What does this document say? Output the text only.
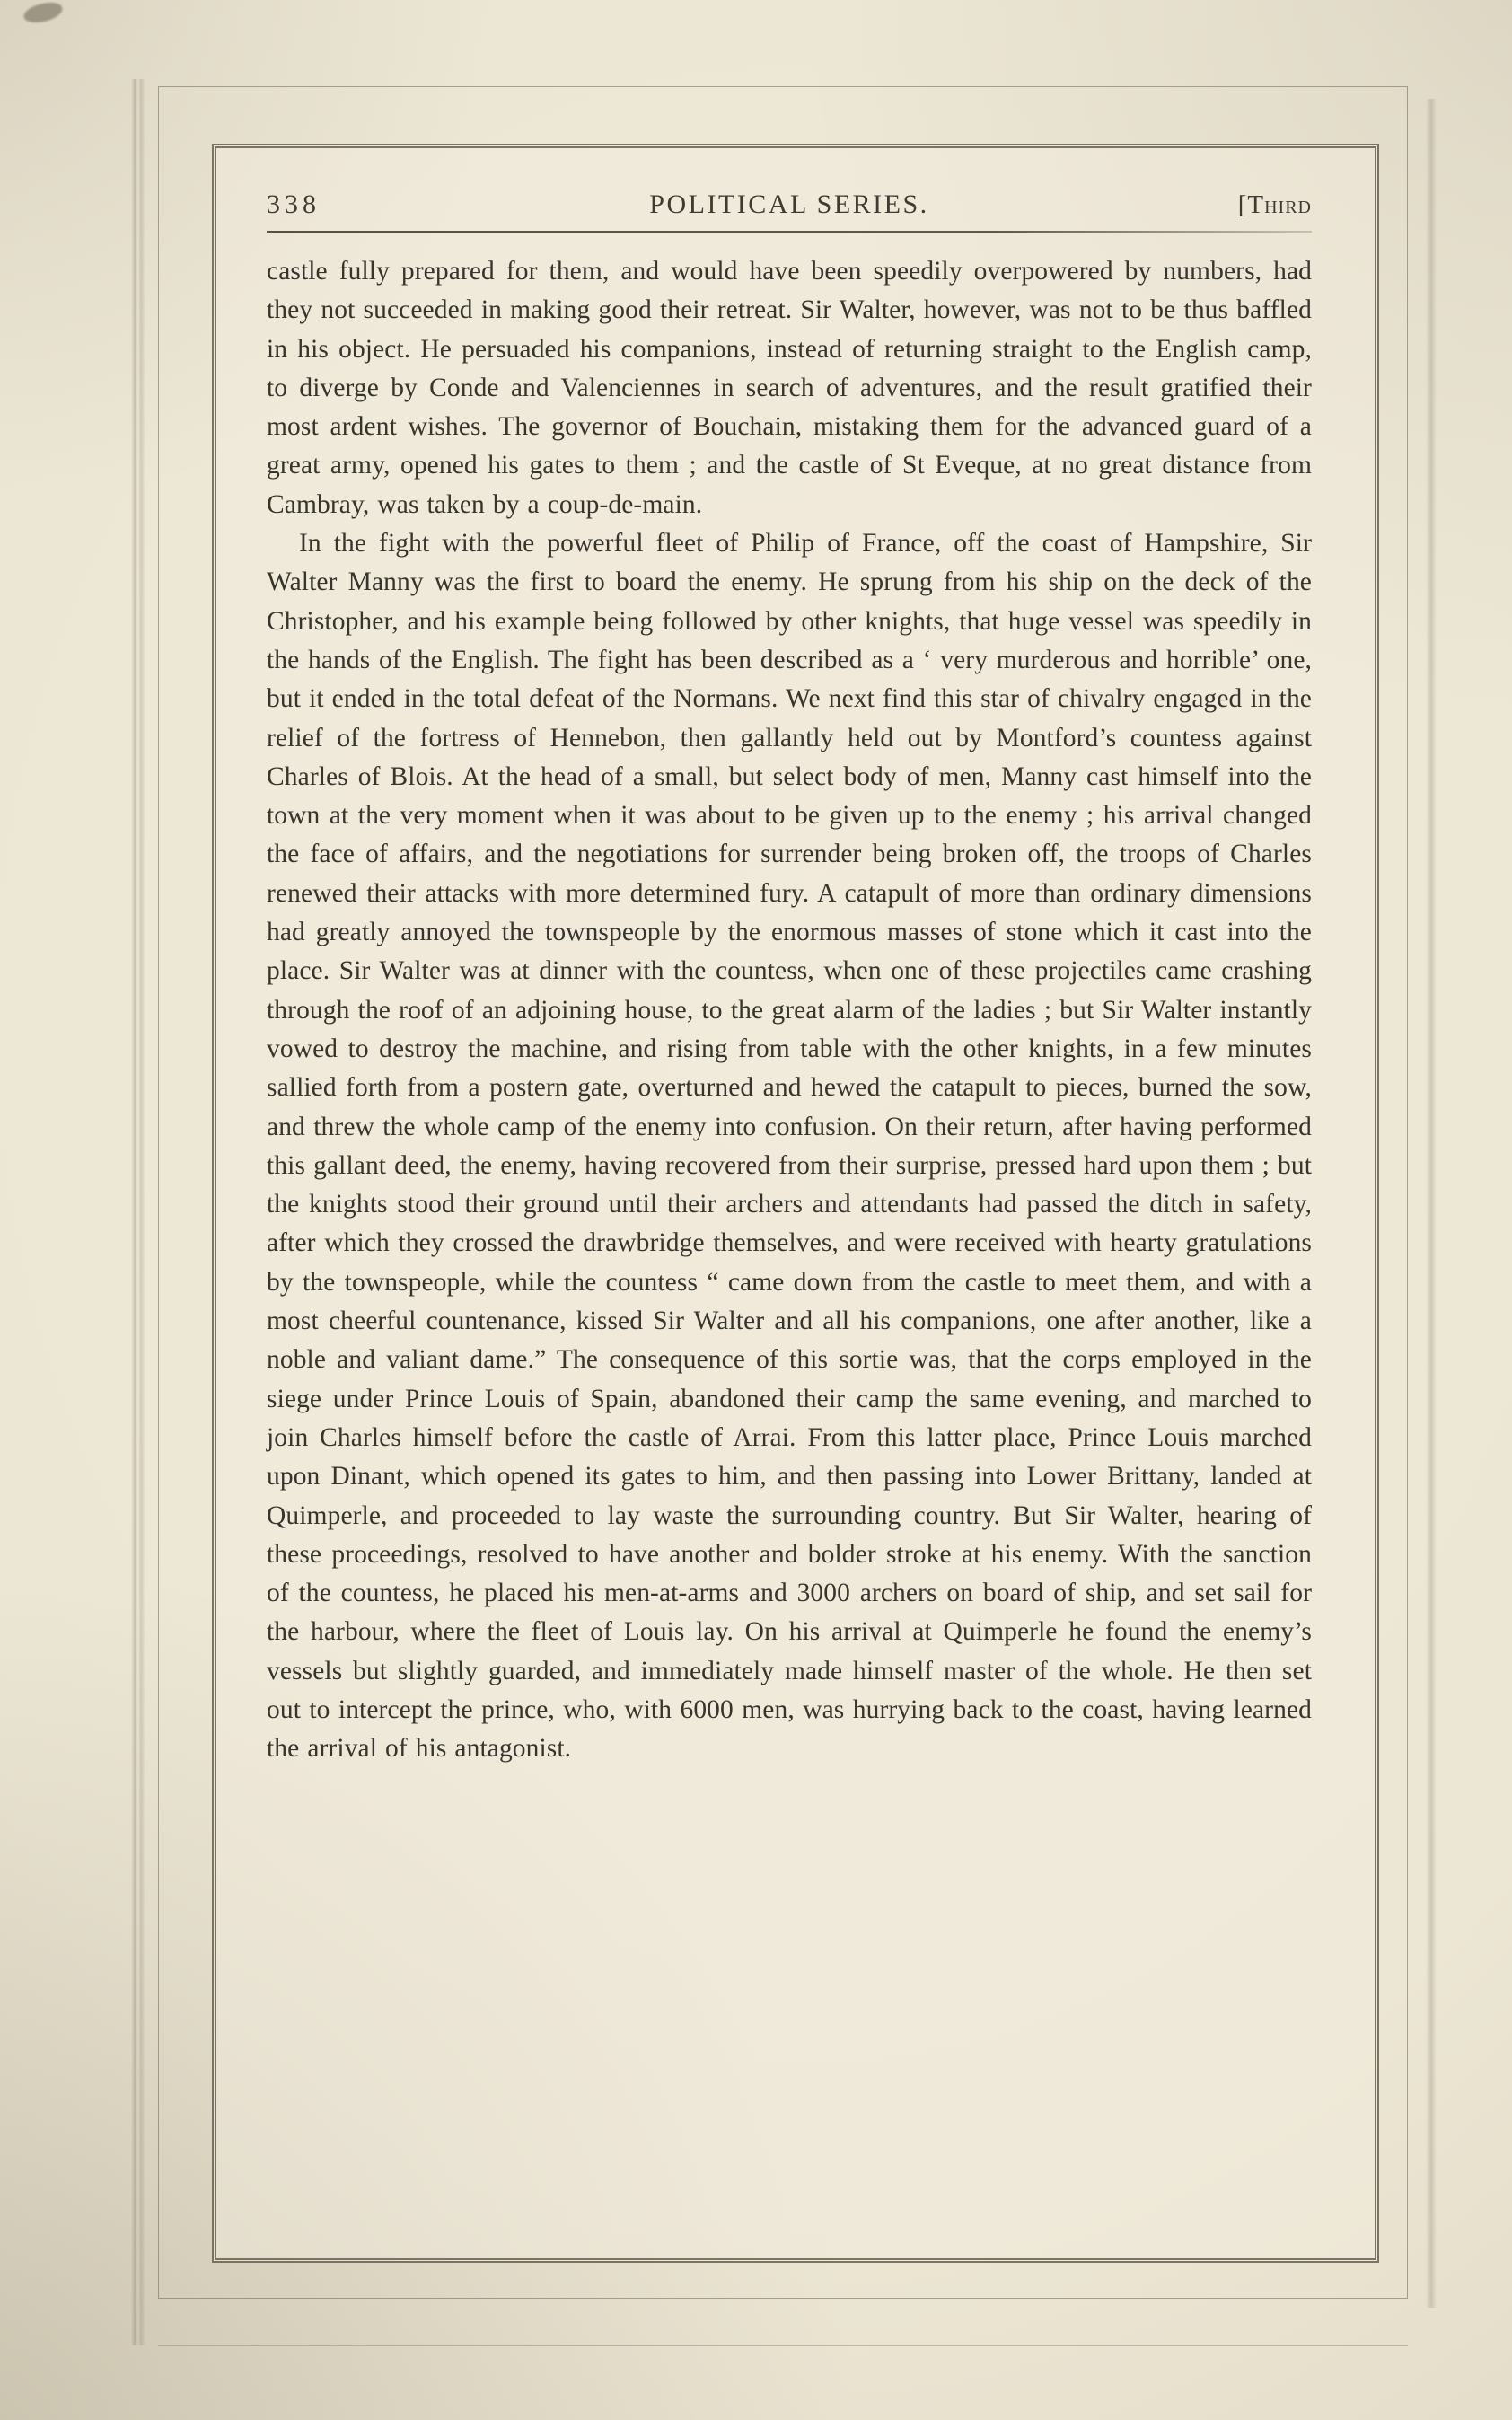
338	POLITICAL SERIES.	[Third

castle fully prepared for them, and would have been speedily overpowered by numbers, had they not succeeded in making good their retreat. Sir Walter, however, was not to be thus baffled in his object. He persuaded his companions, instead of returning straight to the English camp, to diverge by Conde and Valenciennes in search of adventures, and the result gratified their most ardent wishes. The governor of Bouchain, mistaking them for the advanced guard of a great army, opened his gates to them ; and the castle of St Eveque, at no great distance from Cambray, was taken by a coup-de-main.

In the fight with the powerful fleet of Philip of France, off the coast of Hampshire, Sir Walter Manny was the first to board the enemy. He sprung from his ship on the deck of the Christopher, and his example being followed by other knights, that huge vessel was speedily in the hands of the English. The fight has been described as a ‘ very murderous and horrible’ one, but it ended in the total defeat of the Normans. We next find this star of chivalry engaged in the relief of the fortress of Hennebon, then gallantly held out by Montford’s countess against Charles of Blois. At the head of a small, but select body of men, Manny cast himself into the town at the very moment when it was about to be given up to the enemy ; his arrival changed the face of affairs, and the negotiations for surrender being broken off, the troops of Charles renewed their attacks with more determined fury. A catapult of more than ordinary dimensions had greatly annoyed the townspeople by the enormous masses of stone which it cast into the place. Sir Walter was at dinner with the countess, when one of these projectiles came crashing through the roof of an adjoining house, to the great alarm of the ladies ; but Sir Walter instantly vowed to destroy the machine, and rising from table with the other knights, in a few minutes sallied forth from a postern gate, overturned and hewed the catapult to pieces, burned the sow, and threw the whole camp of the enemy into confusion. On their return, after having performed this gallant deed, the enemy, having recovered from their surprise, pressed hard upon them ; but the knights stood their ground until their archers and attendants had passed the ditch in safety, after which they crossed the drawbridge themselves, and were received with hearty gratulations by the townspeople, while the countess “ came down from the castle to meet them, and with a most cheerful countenance, kissed Sir Walter and all his companions, one after another, like a noble and valiant dame.” The consequence of this sortie was, that the corps employed in the siege under Prince Louis of Spain, abandoned their camp the same evening, and marched to join Charles himself before the castle of Arrai. From this latter place, Prince Louis marched upon Dinant, which opened its gates to him, and then passing into Lower Brittany, landed at Quimperle, and proceeded to lay waste the surrounding country. But Sir Walter, hearing of these proceedings, resolved to have another and bolder stroke at his enemy. With the sanction of the countess, he placed his men-at-arms and 3000 archers on board of ship, and set sail for the harbour, where the fleet of Louis lay. On his arrival at Quimperle he found the enemy’s vessels but slightly guarded, and immediately made himself master of the whole. He then set out to intercept the prince, who, with 6000 men, was hurrying back to the coast, having learned the arrival of his antagonist.
